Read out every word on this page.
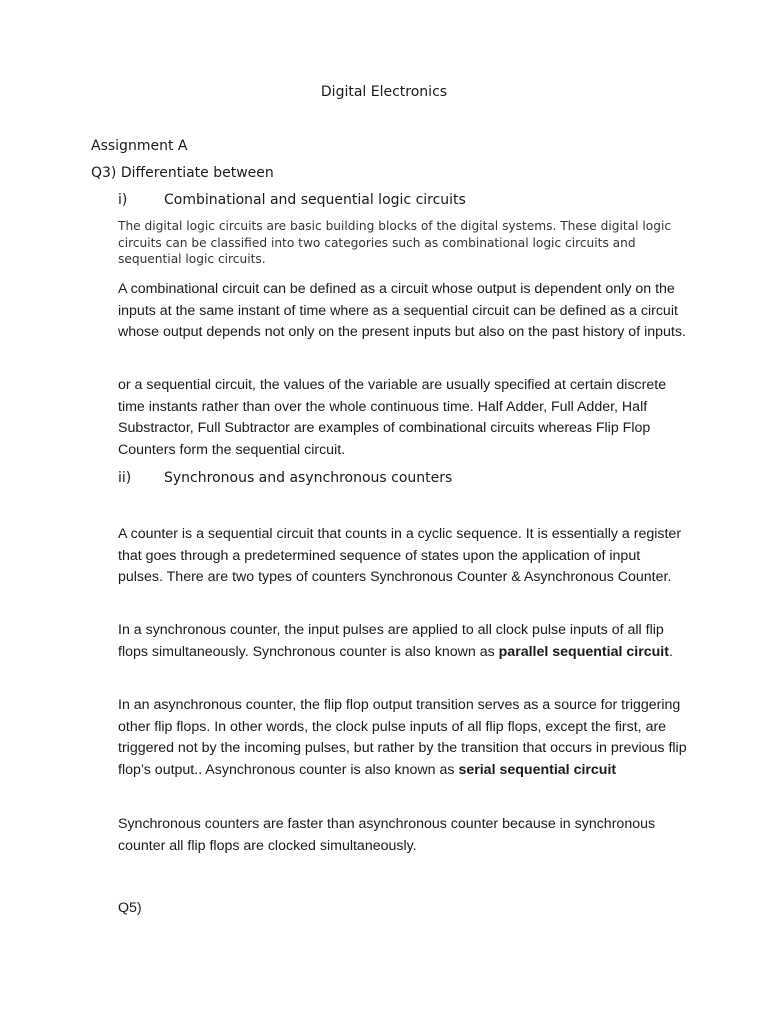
Digital Electronics

Assignment A

Q3) Differentiate between

i)	Combinational and sequential logic circuits

The digital logic circuits are basic building blocks of the digital systems. These digital logic circuits can be classified into two categories such as combinational logic circuits and sequential logic circuits.

A combinational circuit can be defined as a circuit whose output is dependent only on the inputs at the same instant of time where as a sequential circuit can be defined as a circuit whose output depends not only on the present inputs but also on the past history of inputs.

or a sequential circuit, the values of the variable are usually specified at certain discrete time instants rather than over the whole continuous time. Half Adder, Full Adder, Half Substractor, Full Subtractor are examples of combinational circuits whereas Flip Flop Counters form the sequential circuit.

ii)	Synchronous and asynchronous counters

A counter is a sequential circuit that counts in a cyclic sequence. It is essentially a register that goes through a predetermined sequence of states upon the application of input pulses. There are two types of counters Synchronous Counter & Asynchronous Counter.

In a synchronous counter, the input pulses are applied to all clock pulse inputs of all flip flops simultaneously. Synchronous counter is also known as parallel sequential circuit.

In an asynchronous counter, the flip flop output transition serves as a source for triggering other flip flops. In other words, the clock pulse inputs of all flip flops, except the first, are triggered not by the incoming pulses, but rather by the transition that occurs in previous flip flop’s output.. Asynchronous counter is also known as serial sequential circuit

Synchronous counters are faster than asynchronous counter because in synchronous counter all flip flops are clocked simultaneously.

Q5)
